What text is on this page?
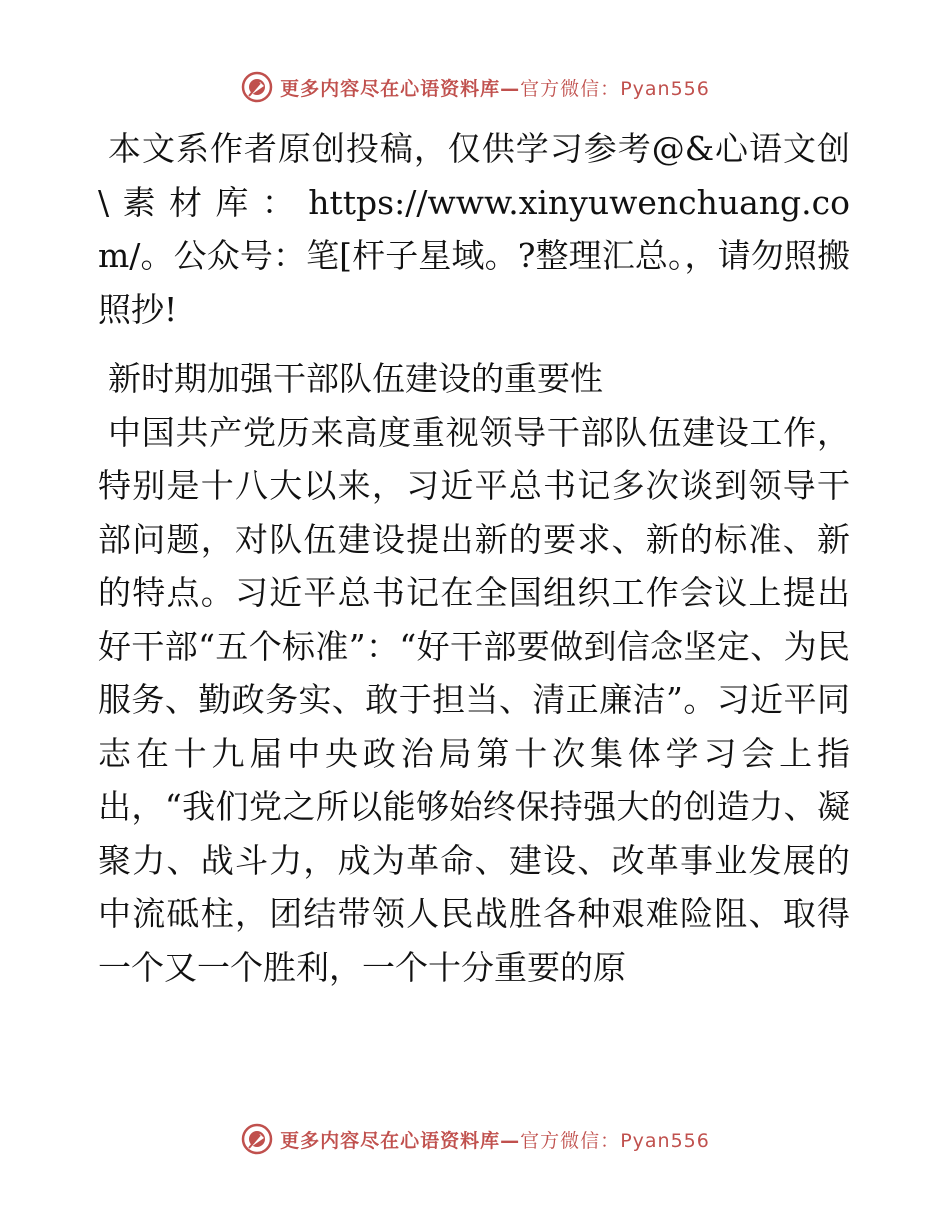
更多内容尽在心语资料库—官方微信：Pyan556

本文系作者原创投稿，仅供学习参考@&心语文创\素材库：https://www.xinyuwenchuang.com/。公众号：笔[杆子星域。?整理汇总。，请勿照搬照抄!

新时期加强干部队伍建设的重要性

中国共产党历来高度重视领导干部队伍建设工作，特别是十八大以来，习近平总书记多次谈到领导干部问题，对队伍建设提出新的要求、新的标准、新的特点。习近平总书记在全国组织工作会议上提出好干部“五个标准”：“好干部要做到信念坚定、为民服务、勤政务实、敢于担当、清正廉洁”。习近平同志在十九届中央政治局第十次集体学习会上指出，“我们党之所以能够始终保持强大的创造力、凝聚力、战斗力，成为革命、建设、改革事业发展的中流砥柱，团结带领人民战胜各种艰难险阻、取得一个又一个胜利，一个十分重要的原

更多内容尽在心语资料库—官方微信：Pyan556
